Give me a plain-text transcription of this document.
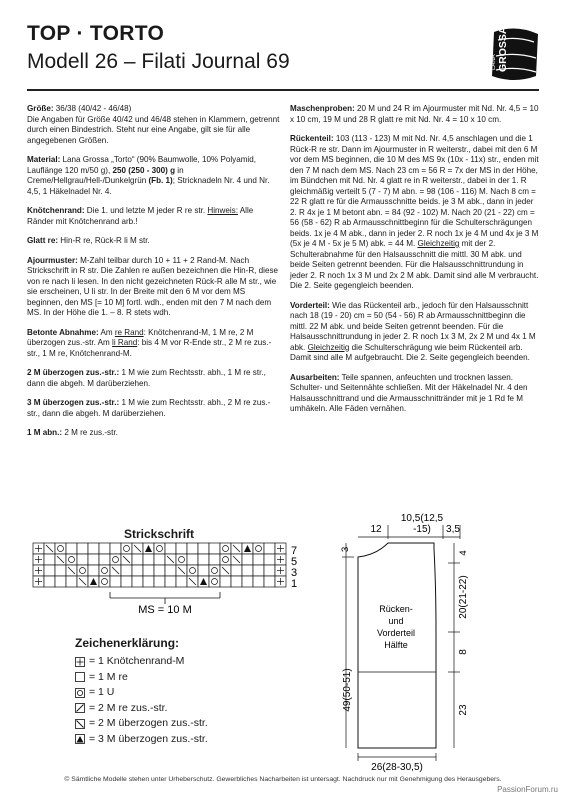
TOP · TORTO
Modell 26 – Filati Journal 69	GROSSA
LANA

Größe: 36/38 (40/42 - 46/48)
Die Angaben für Größe 40/42 und 46/48 stehen in Klammern, getrennt durch einen Bindestrich. Steht nur eine Angabe, gilt sie für alle angegebenen Größen.

Material: Lana Grossa „Torto“ (90% Baumwolle, 10% Polyamid, Lauflänge 120 m/50 g), 250 (250 - 300) g in Creme/Hellgrau/Hell-/Dunkelgrün (Fb. 1); Stricknadeln Nr. 4 und Nr. 4,5, 1 Häkelnadel Nr. 4.

Knötchenrand: Die 1. und letzte M jeder R re str. Hinweis: Alle Ränder mit Knötchenrand arb.!

Glatt re: Hin-R re, Rück-R li M str.

Ajourmuster: M-Zahl teilbar durch 10 + 11 + 2 Rand-M. Nach Strickschrift in R str. Die Zahlen re außen bezeichnen die Hin-R, diese von re nach li lesen. In den nicht gezeichneten Rück-R alle M str., wie sie erscheinen, U li str. In der Breite mit den 6 M vor dem MS beginnen, den MS [= 10 M] fortl. wdh., enden mit den 7 M nach dem MS. In der Höhe die 1. – 8. R stets wdh.

Betonte Abnahme: Am re Rand: Knötchenrand-M, 1 M re, 2 M überzogen zus.-str. Am li Rand: bis 4 M vor R-Ende str., 2 M re zus.-str., 1 M re, Knötchenrand-M.

2 M überzogen zus.-str.: 1 M wie zum Rechtsstr. abh., 1 M re str., dann die abgeh. M darüberziehen.

3 M überzogen zus.-str.: 1 M wie zum Rechtsstr. abh., 2 M re zus.-str., dann die abgeh. M darüberziehen.

1 M abn.: 2 M re zus.-str.

Maschenproben: 20 M und 24 R im Ajourmuster mit Nd. Nr. 4,5 = 10 x 10 cm, 19 M und 28 R glatt re mit Nd. Nr. 4 = 10 x 10 cm.

Rückenteil: 103 (113 - 123) M mit Nd. Nr. 4,5 anschlagen und die 1 Rück-R re str. Dann im Ajourmuster in R weiterstr., dabei mit den 6 M vor dem MS beginnen, die 10 M des MS 9x (10x - 11x) str., enden mit den 7 M nach dem MS. Nach 23 cm = 56 R = 7x der MS in der Höhe, im Bündchen mit Nd. Nr. 4 glatt re in R weiterstr., dabei in der 1. R gleichmäßig verteilt 5 (7 - 7) M abn. = 98 (106 - 116) M. Nach 8 cm = 22 R glatt re für die Armausschnitte beids. je 3 M abk., dann in jeder 2. R 4x je 1 M betont abn. = 84 (92 - 102) M. Nach 20 (21 - 22) cm = 56 (58 - 62) R ab Armausschnittbeginn für die Schulterschrägungen beids. 1x je 4 M abk., dann in jeder 2. R noch 1x je 4 M und 4x je 3 M (5x je 4 M - 5x je 5 M) abk. = 44 M. Gleichzeitig mit der 2. Schulterabnahme für den Halsausschnitt die mittl. 30 M abk. und beide Seiten getrennt beenden. Für die Halsausschnittrundung in jeder 2. R noch 1x 3 M und 2x 2 M abk. Damit sind alle M verbraucht. Die 2. Seite gegengleich beenden.

Vorderteil: Wie das Rückenteil arb., jedoch für den Halsausschnitt nach 18 (19 - 20) cm = 50 (54 - 56) R ab Armausschnittbeginn die mittl. 22 M abk. und beide Seiten getrennt beenden. Für die Halsausschnittrundung in jeder 2. R noch 1x 3 M, 2x 2 M und 4x 1 M abk. Gleichzeitig die Schulterschrägung wie beim Rückenteil arb. Damit sind alle M aufgebraucht. Die 2. Seite gegengleich beenden.

Ausarbeiten: Teile spannen, anfeuchten und trocknen lassen. Schulter- und Seitennähte schließen. Mit der Häkelnadel Nr. 4 den Halsausschnittrand und die Armausschnittränder mit je 1 Rd fe M umhäkeln. Alle Fäden vernähen.

Strickschrift
7
5
3
1
MS = 10 M
Zeichenerklärung:
= 1 Knötchenrand-M
= 1 M re
= 1 U
= 2 M re zus.-str.
= 2 M überzogen zus.-str.
= 3 M überzogen zus.-str.
10,5(12,5
-15)
12	3,5
3
49(50-51)
4
20(21-22)
8
23
Rücken-
und
Vorderteil
Hälfte
26(28-30,5)
© Sämtliche Modelle stehen unter Urheberschutz. Gewerbliches Nacharbeiten ist untersagt. Nachdruck nur mit Genehmigung des Herausgebers.
PassionForum.ru
